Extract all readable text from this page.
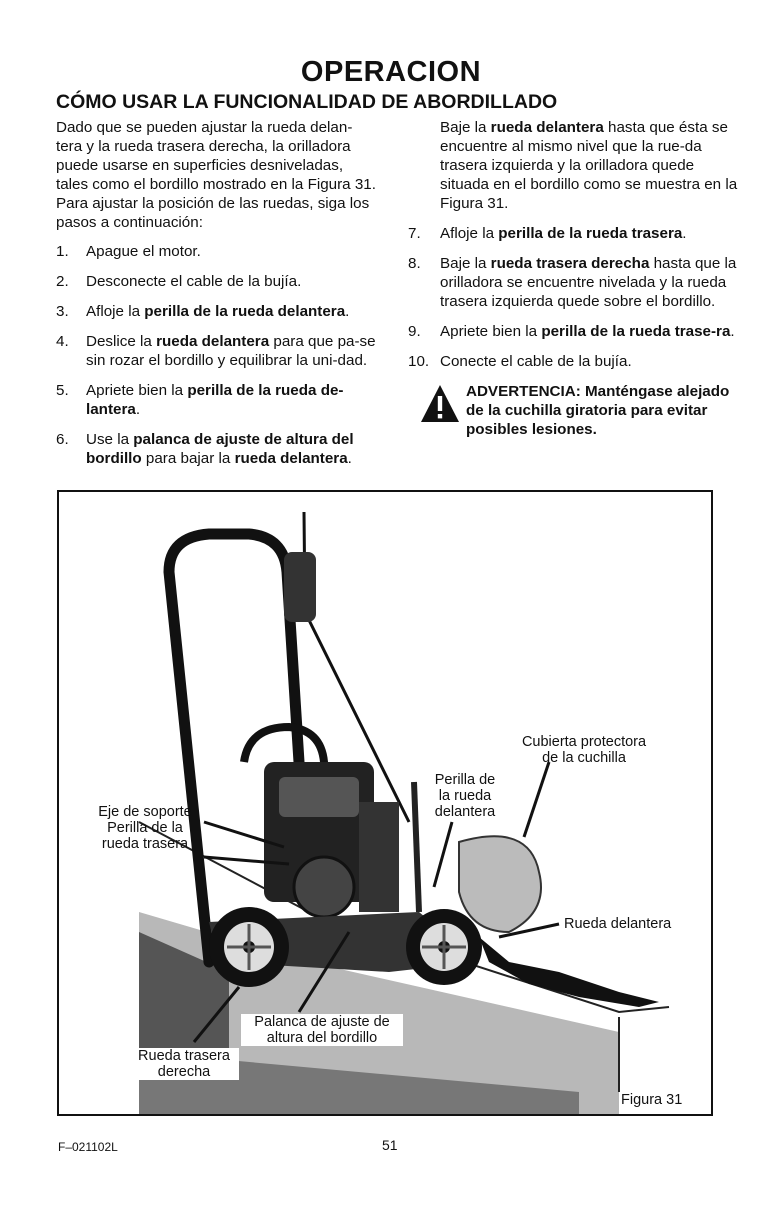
OPERACION
CÓMO USAR LA FUNCIONALIDAD DE ABORDILLADO

Dado que se pueden ajustar la rueda delan-tera y la rueda trasera derecha, la orilladora puede usarse en superficies desniveladas, tales como el bordillo mostrado en la Figura 31. Para ajustar la posición de las ruedas, siga los pasos a continuación:

1. Apague el motor.
2. Desconecte el cable de la bujía.
3. Afloje la perilla de la rueda delantera.
4. Deslice la rueda delantera para que pa-se sin rozar el bordillo y equilibrar la uni-dad.
5. Apriete bien la perilla de la rueda de-lantera.
6. Use la palanca de ajuste de altura del bordillo para bajar la rueda delantera.

Baje la rueda delantera hasta que ésta se encuentre al mismo nivel que la rue-da trasera izquierda y la orilladora quede situada en el bordillo como se muestra en la Figura 31.

7. Afloje la perilla de la rueda trasera.
8. Baje la rueda trasera derecha hasta que la orilladora se encuentre nivelada y la rueda trasera izquierda quede sobre el bordillo.
9. Apriete bien la perilla de la rueda trase-ra.
10. Conecte el cable de la bujía.
ADVERTENCIA: Manténgase alejado de la cuchilla giratoria para evitar posibles lesiones.
Eje de soporte
Perilla de la
rueda trasera
Perilla de
la rueda
delantera
Cubierta protectora
de la cuchilla
Rueda delantera
Palanca de ajuste de
altura del bordillo
Rueda trasera
derecha
Figura 31
F–021102L	51
